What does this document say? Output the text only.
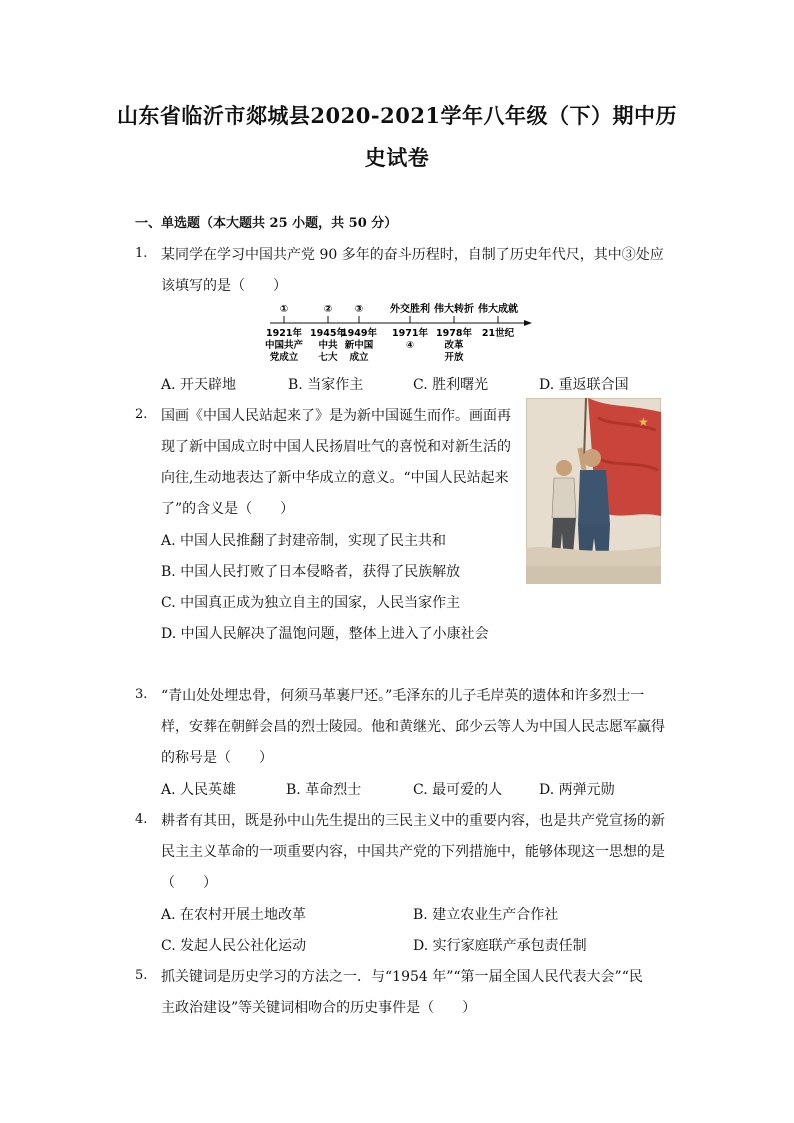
山东省临沂市郯城县2020-2021学年八年级（下）期中历
史试卷
一、单选题（本大题共 25 小题，共 50 分）
1. 某同学在学习中国共产党 90 多年的奋斗历程时，自制了历史年代尺，其中③处应
该填写的是（　　）
①	② ③	外交胜利 伟大转折 伟大成就
1921年 1945年
1949年 1971年 1978年 21世纪
中国共产 中共 新中国	④	改革
党成立 七大 成立	开放
A. 开天辟地	B. 当家作主	C. 胜利曙光	D. 重返联合国
2. 国画《中国人民站起来了》是为新中国诞生而作。画面再
现了新中国成立时中国人民扬眉吐气的喜悦和对新生活的
向往,生动地表达了新中华成立的意义。“中国人民站起来
了”的含义是（　　）
A. 中国人民推翻了封建帝制，实现了民主共和
B. 中国人民打败了日本侵略者，获得了民族解放
C. 中国真正成为独立自主的国家，人民当家作主
D. 中国人民解决了温饱问题，整体上进入了小康社会
★
3. “青山处处埋忠骨，何须马革裹尸还。”毛泽东的儿子毛岸英的遗体和许多烈士一
样，安葬在朝鲜会昌的烈士陵园。他和黄继光、邱少云等人为中国人民志愿军赢得
的称号是（　　）
A. 人民英雄	B. 革命烈士	C. 最可爱的人	D. 两弹元勋
4. 耕者有其田，既是孙中山先生提出的三民主义中的重要内容，也是共产党宣扬的新
民主主义革命的一项重要内容，中国共产党的下列措施中，能够体现这一思想的是
（　　）
A. 在农村开展土地改革	B. 建立农业生产合作社
C. 发起人民公社化运动	D. 实行家庭联产承包责任制
5. 抓关键词是历史学习的方法之一．与“1954 年”“第一届全国人民代表大会”“民
主政治建设”等关键词相吻合的历史事件是（　　）
